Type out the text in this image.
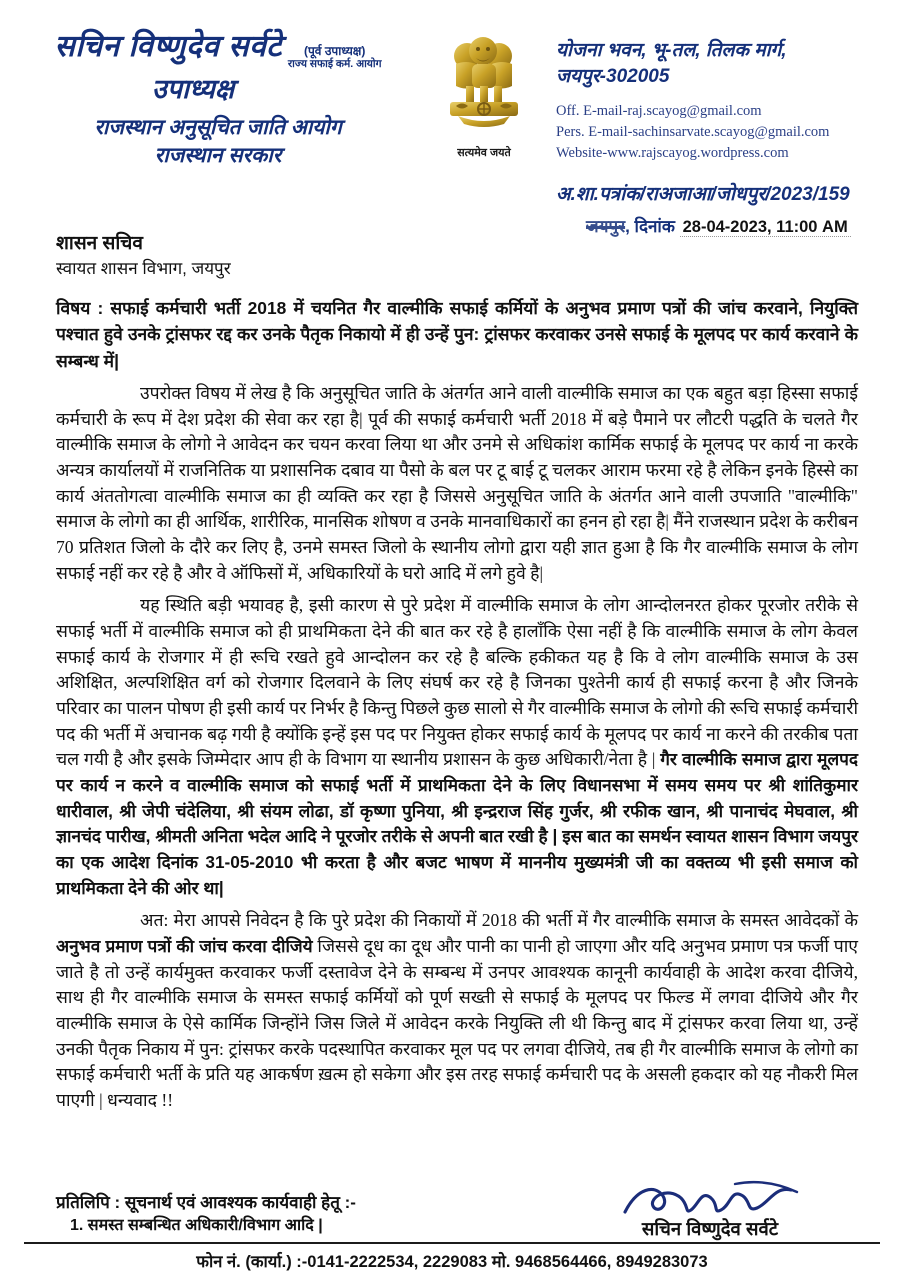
सचिन विष्णुदेव सर्वटे	(पूर्व उपाध्यक्ष)
राज्य सफाई कर्म. आयोग
उपाध्यक्ष
राजस्थान अनुसूचित जाति आयोग
राजस्थान सरकार	सत्यमेव जयते
योजना भवन, भू-तल, तिलक मार्ग,
जयपुर-302005
Off. E-mail-raj.scayog@gmail.com
Pers. E-mail-sachinsarvate.scayog@gmail.com
Website-www.rajscayog.wordpress.com
अ.शा.पत्रांक/राअजाआ/जोधपुर/2023/159
जयपुर, दिनांक 28-04-2023, 11:00 AM
शासन सचिव
स्वायत शासन विभाग, जयपुर
विषय : सफाई कर्मचारी भर्ती 2018 में चयनित गैर वाल्मीकि सफाई कर्मियों के अनुभव प्रमाण पत्रों की जांच करवाने, नियुक्ति पश्चात हुवे उनके ट्रांसफर रद्द कर उनके पैतृक निकायो में ही उन्हें पुन: ट्रांसफर करवाकर उनसे सफाई के मूलपद पर कार्य करवाने के सम्बन्ध में|
उपरोक्त विषय में लेख है कि अनुसूचित जाति के अंतर्गत आने वाली वाल्मीकि समाज का एक बहुत बड़ा हिस्सा सफाई कर्मचारी के रूप में देश प्रदेश की सेवा कर रहा है| पूर्व की सफाई कर्मचारी भर्ती 2018 में बड़े पैमाने पर लौटरी पद्धति के चलते गैर वाल्मीकि समाज के लोगो ने आवेदन कर चयन करवा लिया था और उनमे से अधिकांश कार्मिक सफाई के मूलपद पर कार्य ना करके अन्यत्र कार्यालयों में राजनितिक या प्रशासनिक दबाव या पैसो के बल पर टू बाई टू चलकर आराम फरमा रहे है लेकिन इनके हिस्से का कार्य अंततोगत्वा वाल्मीकि समाज का ही व्यक्ति कर रहा है जिससे अनुसूचित जाति के अंतर्गत आने वाली उपजाति "वाल्मीकि" समाज के लोगो का ही आर्थिक, शारीरिक, मानसिक शोषण व उनके मानवाधिकारों का हनन हो रहा है| मैंने राजस्थान प्रदेश के करीबन 70 प्रतिशत जिलो के दौरे कर लिए है, उनमे समस्त जिलो के स्थानीय लोगो द्वारा यही ज्ञात हुआ है कि गैर वाल्मीकि समाज के लोग सफाई नहीं कर रहे है और वे ऑफिसों में, अधिकारियों के घरो आदि में लगे हुवे है|
यह स्थिति बड़ी भयावह है, इसी कारण से पुरे प्रदेश में वाल्मीकि समाज के लोग आन्दोलनरत होकर पूरजोर तरीके से सफाई भर्ती में वाल्मीकि समाज को ही प्राथमिकता देने की बात कर रहे है हालाँकि ऐसा नहीं है कि वाल्मीकि समाज के लोग केवल सफाई कार्य के रोजगार में ही रूचि रखते हुवे आन्दोलन कर रहे है बल्कि हकीकत यह है कि वे लोग वाल्मीकि समाज के उस अशिक्षित, अल्पशिक्षित वर्ग को रोजगार दिलवाने के लिए संघर्ष कर रहे है जिनका पुश्तेनी कार्य ही सफाई करना है और जिनके परिवार का पालन पोषण ही इसी कार्य पर निर्भर है किन्तु पिछले कुछ सालो से गैर वाल्मीकि समाज के लोगो की रूचि सफाई कर्मचारी पद की भर्ती में अचानक बढ़ गयी है क्योंकि इन्हें इस पद पर नियुक्त होकर सफाई कार्य के मूलपद पर कार्य ना करने की तरकीब पता चल गयी है और इसके जिम्मेदार आप ही के विभाग या स्थानीय प्रशासन के कुछ अधिकारी/नेता है | गैर वाल्मीकि समाज द्वारा मूलपद पर कार्य न करने व वाल्मीकि समाज को सफाई भर्ती में प्राथमिकता देने के लिए विधानसभा में समय समय पर श्री शांतिकुमार धारीवाल, श्री जेपी चंदेलिया, श्री संयम लोढा, डॉ कृष्णा पुनिया, श्री इन्द्रराज सिंह गुर्जर, श्री रफीक खान, श्री पानाचंद मेघवाल, श्री ज्ञानचंद पारीख, श्रीमती अनिता भदेल आदि ने पूरजोर तरीके से अपनी बात रखी है | इस बात का समर्थन स्वायत शासन विभाग जयपुर का एक आदेश दिनांक 31-05-2010 भी करता है और बजट भाषण में माननीय मुख्यमंत्री जी का वक्तव्य भी इसी समाज को प्राथमिकता देने की ओर था|
अत: मेरा आपसे निवेदन है कि पुरे प्रदेश की निकायों में 2018 की भर्ती में गैर वाल्मीकि समाज के समस्त आवेदकों के अनुभव प्रमाण पत्रों की जांच करवा दीजिये जिससे दूध का दूध और पानी का पानी हो जाएगा और यदि अनुभव प्रमाण पत्र फर्जी पाए जाते है तो उन्हें कार्यमुक्त करवाकर फर्जी दस्तावेज देने के सम्बन्ध में उनपर आवश्यक कानूनी कार्यवाही के आदेश करवा दीजिये, साथ ही गैर वाल्मीकि समाज के समस्त सफाई कर्मियों को पूर्ण सख्ती से सफाई के मूलपद पर फिल्ड में लगवा दीजिये और गैर वाल्मीकि समाज के ऐसे कार्मिक जिन्होंने जिस जिले में आवेदन करके नियुक्ति ली थी किन्तु बाद में ट्रांसफर करवा लिया था, उन्हें उनकी पैतृक निकाय में पुन: ट्रांसफर करके पदस्थापित करवाकर मूल पद पर लगवा दीजिये, तब ही गैर वाल्मीकि समाज के लोगो का सफाई कर्मचारी भर्ती के प्रति यह आकर्षण ख़त्म हो सकेगा और इस तरह सफाई कर्मचारी पद के असली हकदार को यह नौकरी मिल पाएगी | धन्यवाद !!
प्रतिलिपि : सूचनार्थ एवं आवश्यक कार्यवाही हेतू :-
1. समस्त सम्बन्धित अधिकारी/विभाग आदि |	सचिन विष्णुदेव सर्वटे
फोन नं. (कार्या.) :-0141-2222534, 2229083 मो. 9468564466, 8949283073
